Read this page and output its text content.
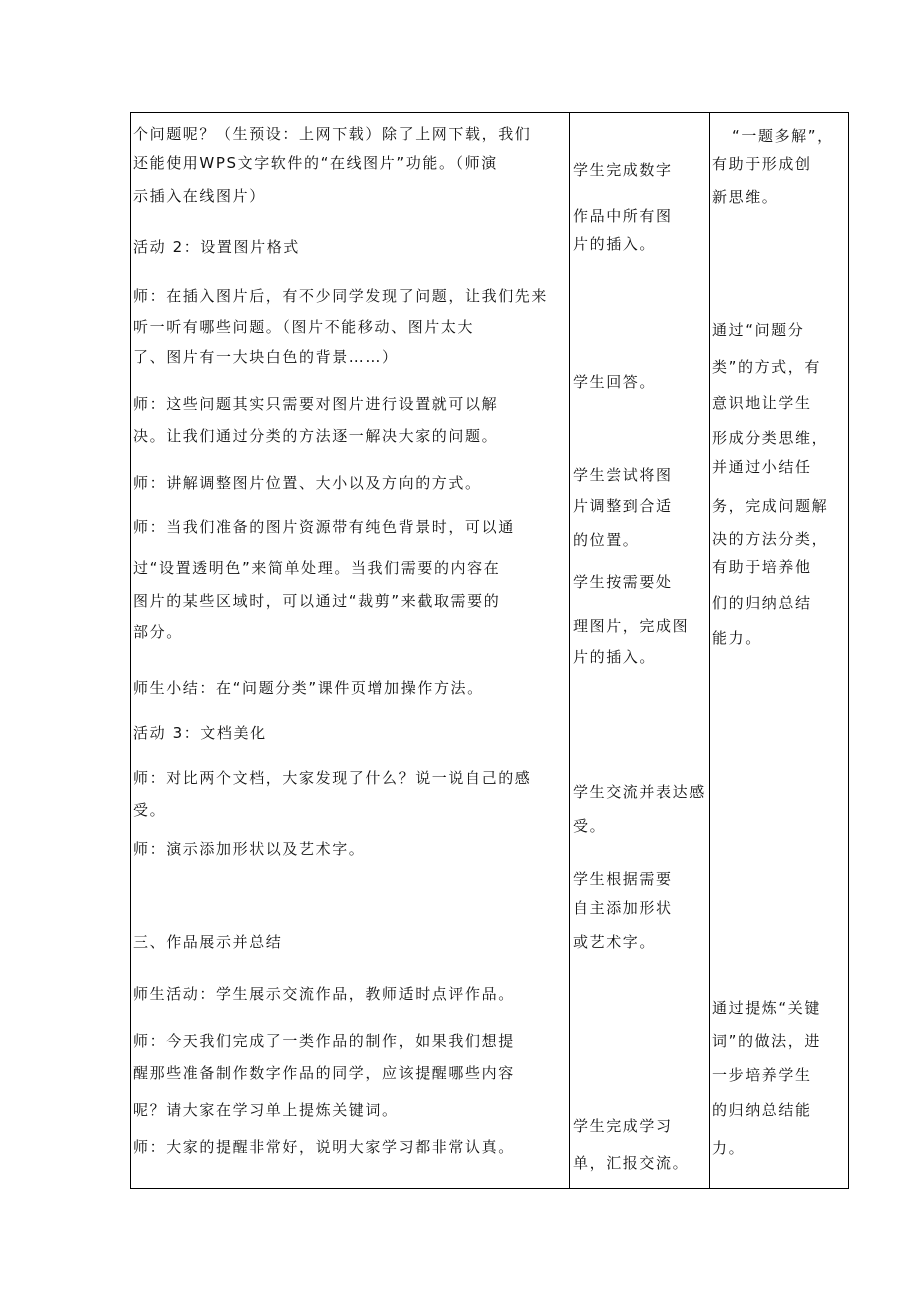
个问题呢？（生预设：上网下载）除了上网下载，我们
还能使用WPS文字软件的“在线图片”功能。（师演
示插入在线图片）
活动 2：设置图片格式
师：在插入图片后，有不少同学发现了问题，让我们先来
听一听有哪些问题。（图片不能移动、图片太大
了、图片有一大块白色的背景……）
师：这些问题其实只需要对图片进行设置就可以解
决。让我们通过分类的方法逐一解决大家的问题。
师：讲解调整图片位置、大小以及方向的方式。
师：当我们准备的图片资源带有纯色背景时，可以通
过“设置透明色”来简单处理。当我们需要的内容在
图片的某些区域时，可以通过“裁剪”来截取需要的
部分。
师生小结：在“问题分类”课件页增加操作方法。
活动 3：文档美化
师：对比两个文档，大家发现了什么？说一说自己的感
受。
师：演示添加形状以及艺术字。
三、作品展示并总结
师生活动：学生展示交流作品，教师适时点评作品。
师：今天我们完成了一类作品的制作，如果我们想提
醒那些准备制作数字作品的同学，应该提醒哪些内容
呢？请大家在学习单上提炼关键词。
师：大家的提醒非常好，说明大家学习都非常认真。
学生完成数字
作品中所有图
片的插入。
学生回答。
学生尝试将图
片调整到合适
的位置。
学生按需要处
理图片，完成图
片的插入。
学生交流并表达感
受。
学生根据需要
自主添加形状
或艺术字。
学生完成学习
单，汇报交流。
“一题多解”，
有助于形成创
新思维。
通过“问题分
类”的方式，有
意识地让学生
形成分类思维，
并通过小结任
务，完成问题解
决的方法分类，
有助于培养他
们的归纳总结
能力。
通过提炼“关键
词”的做法，进
一步培养学生
的归纳总结能
力。
